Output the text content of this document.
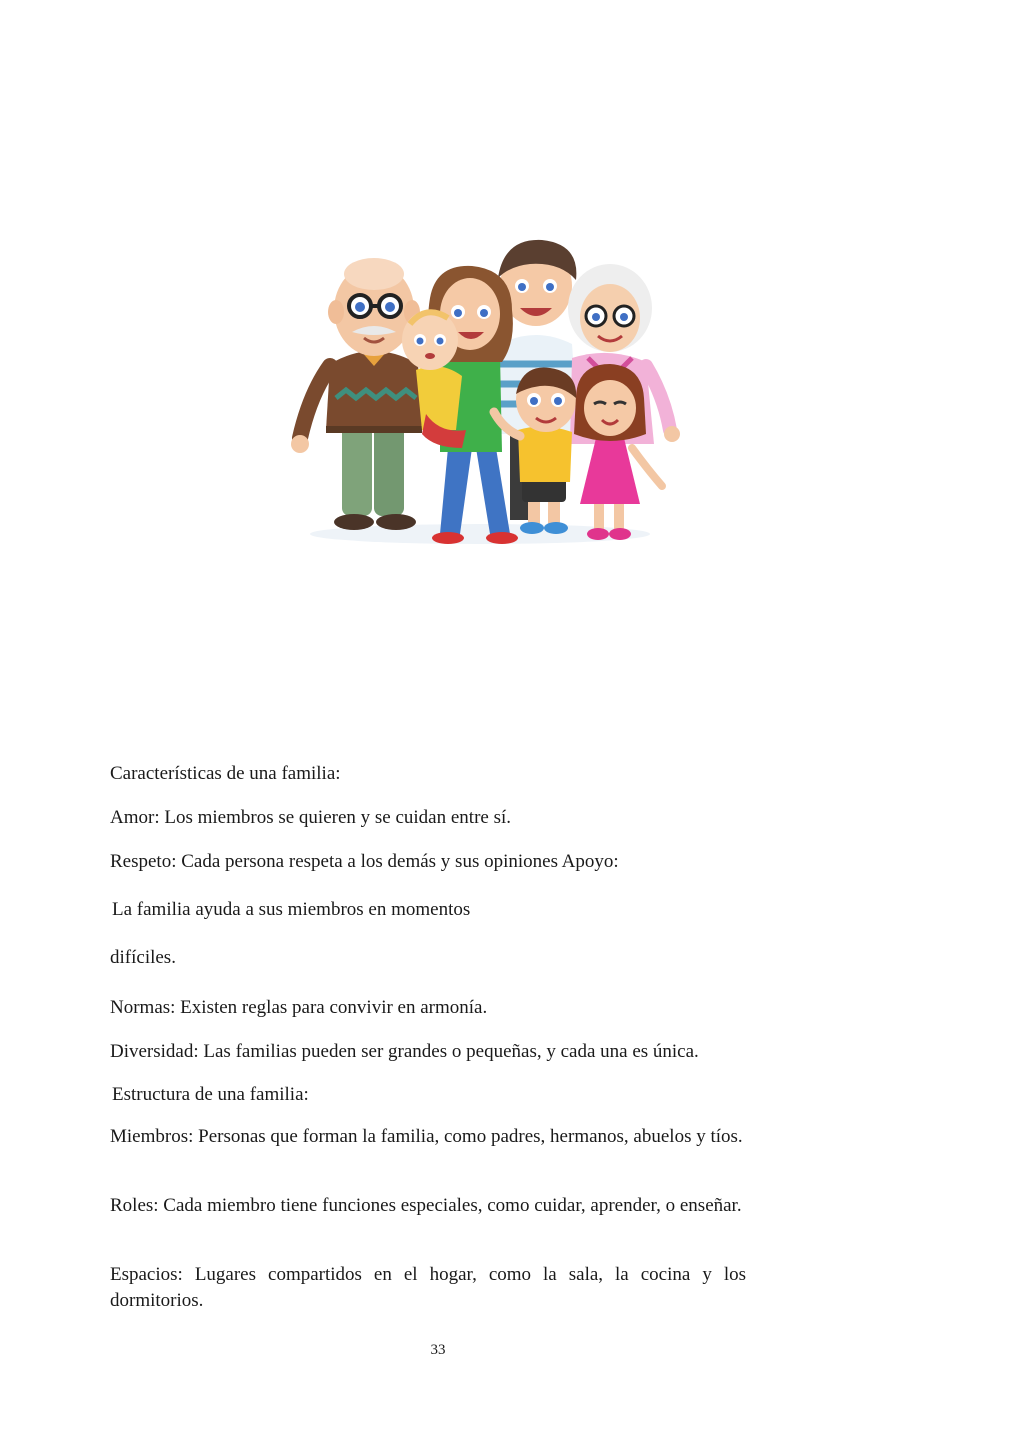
Características de una familia:

Amor: Los miembros se quieren y se cuidan entre sí.

Respeto: Cada persona respeta a los demás y sus opiniones Apoyo:

La familia ayuda a sus miembros en momentos

difíciles.

Normas: Existen reglas para convivir en armonía.

Diversidad: Las familias pueden ser grandes o pequeñas, y cada una es única.

Estructura de una familia:

Miembros: Personas que forman la familia, como padres, hermanos, abuelos y tíos.

Roles: Cada miembro tiene funciones especiales, como cuidar, aprender, o enseñar.

Espacios: Lugares compartidos en el hogar, como la sala, la cocina y los dormitorios.

33
